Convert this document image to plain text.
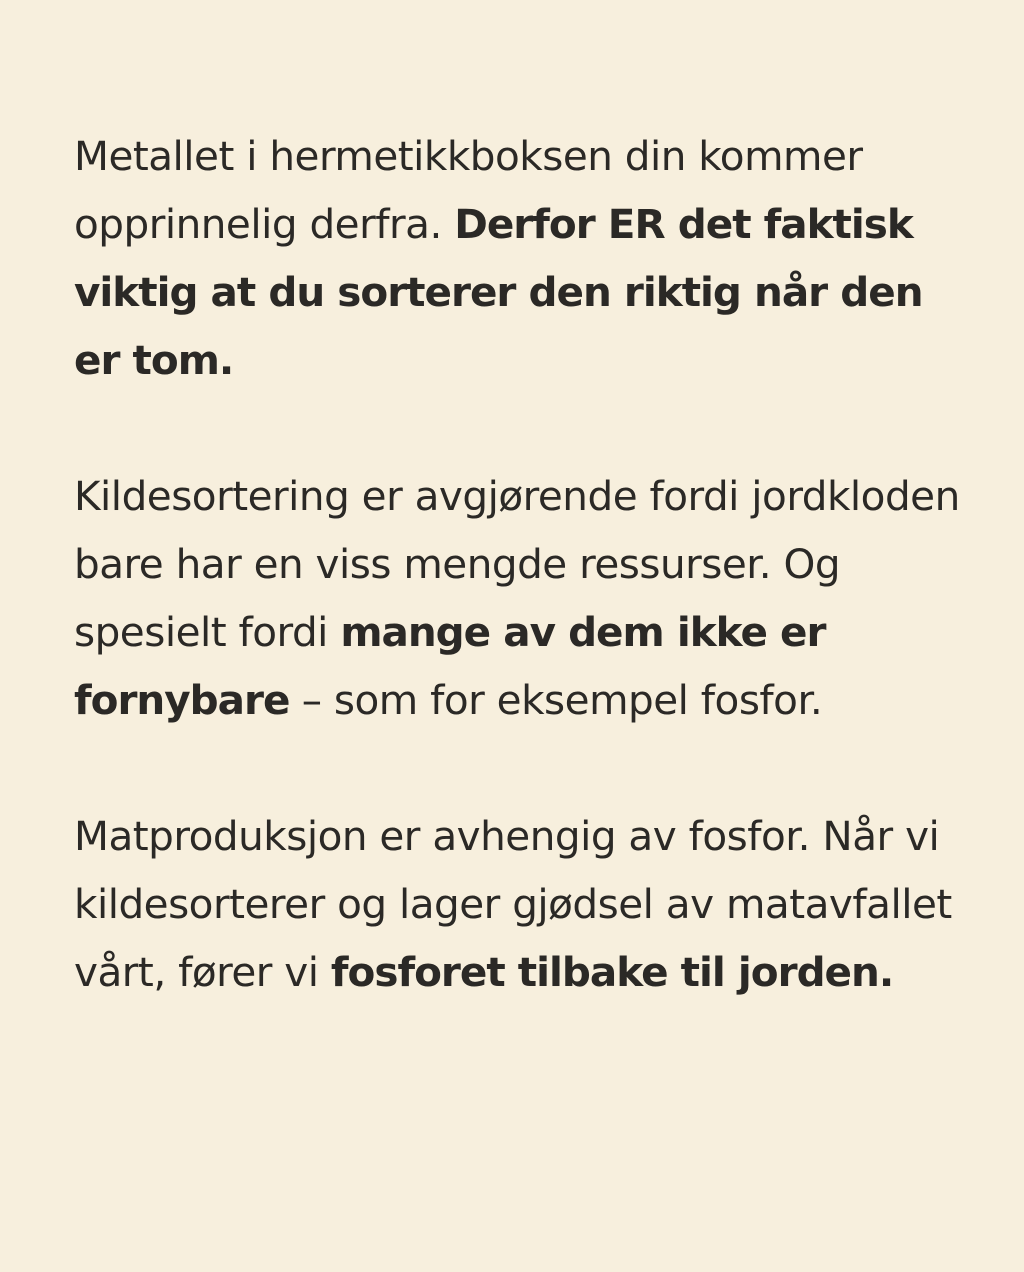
Metallet i hermetikkboksen din kommer opprinnelig derfra. Derfor ER det faktisk viktig at du sorterer den riktig når den er tom.

Kildesortering er avgjørende fordi jordkloden bare har en viss mengde ressurser. Og spesielt fordi mange av dem ikke er fornybare – som for eksempel fosfor.

Matproduksjon er avhengig av fosfor. Når vi kildesorterer og lager gjødsel av matavfallet vårt, fører vi fosforet tilbake til jorden.
